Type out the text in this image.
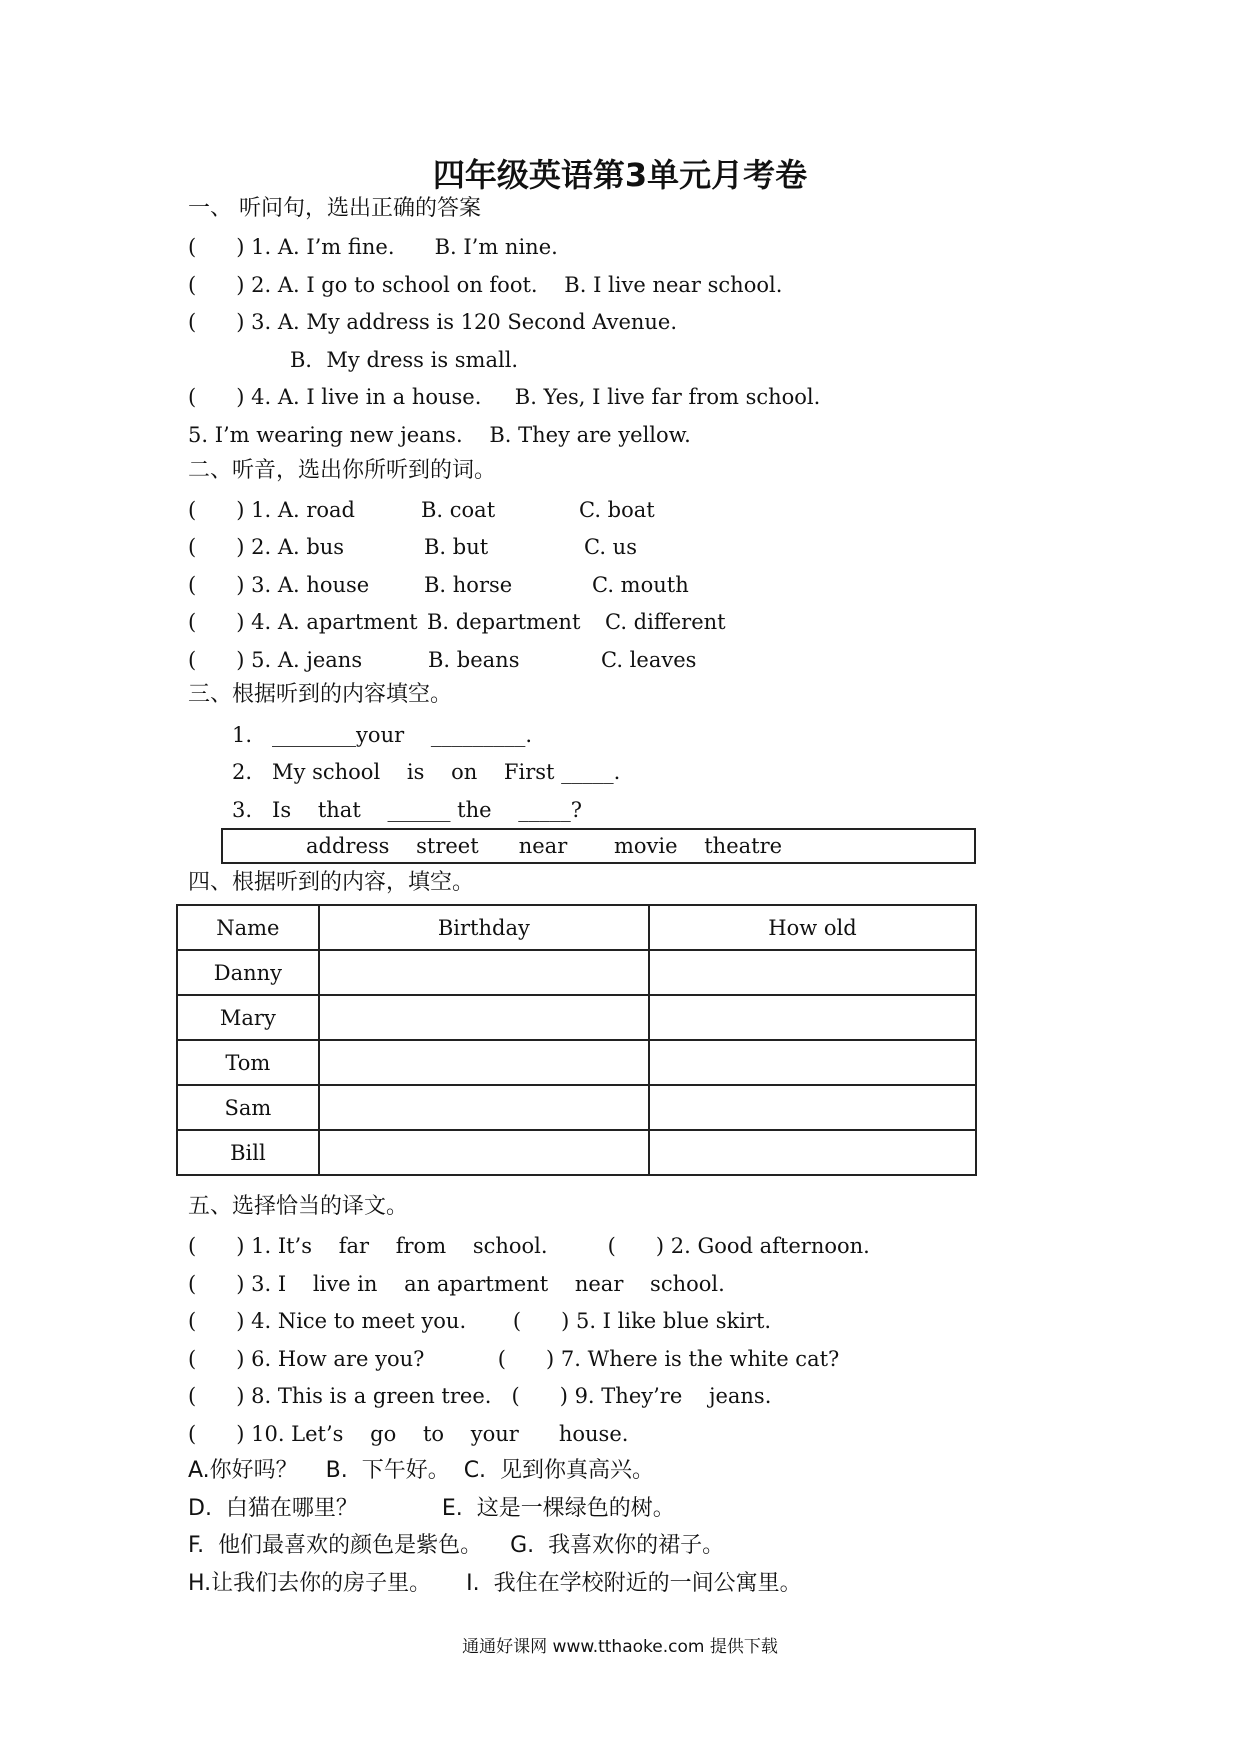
四年级英语第3单元月考卷
一、 听问句，选出正确的答案
(      ) 1. A. I’m fine.      B. I’m nine.
(      ) 2. A. I go to school on foot.    B. I live near school.
(      ) 3. A. My address is 120 Second Avenue.
B．My dress is small.
(      ) 4. A. I live in a house.     B. Yes, I live far from school.
5. I’m wearing new jeans.    B. They are yellow.
二、听音，选出你所听到的词。
(      ) 1. A. road	B. coat	C. boat
(      ) 2. A. bus	B. but	C. us
(      ) 3. A. house	B. horse	C. mouth
(      ) 4. A. apartment B. department C. different
(      ) 5. A. jeans	B. beans	C. leaves
三、根据听到的内容填空。
1.   ________your    _________.
2.   My school    is    on    First _____.
3.   Is    that    ______ the    _____?
address    street      near       movie    theatre
四、根据听到的内容，填空。
Name	Birthday	How old
Danny		
Mary		
Tom		
Sam		
Bill		
五、选择恰当的译文。
(      ) 1. It’s    far    from    school.         (      ) 2. Good afternoon.
(      ) 3. I    live in    an apartment    near    school.
(      ) 4. Nice to meet you.       (      ) 5. I like blue skirt.
(      ) 6. How are you?           (      ) 7. Where is the white cat?
(      ) 8. This is a green tree.   (      ) 9. They’re    jeans.
(      ) 10. Let’s    go    to    your      house.
A.你好吗？    B.  下午好。  C.  见到你真高兴。
D.  白猫在哪里？            E.  这是一棵绿色的树。
F.  他们最喜欢的颜色是紫色。    G.  我喜欢你的裙子。
H.让我们去你的房子里。     I.  我住在学校附近的一间公寓里。
通通好课网 www.tthaoke.com 提供下载
